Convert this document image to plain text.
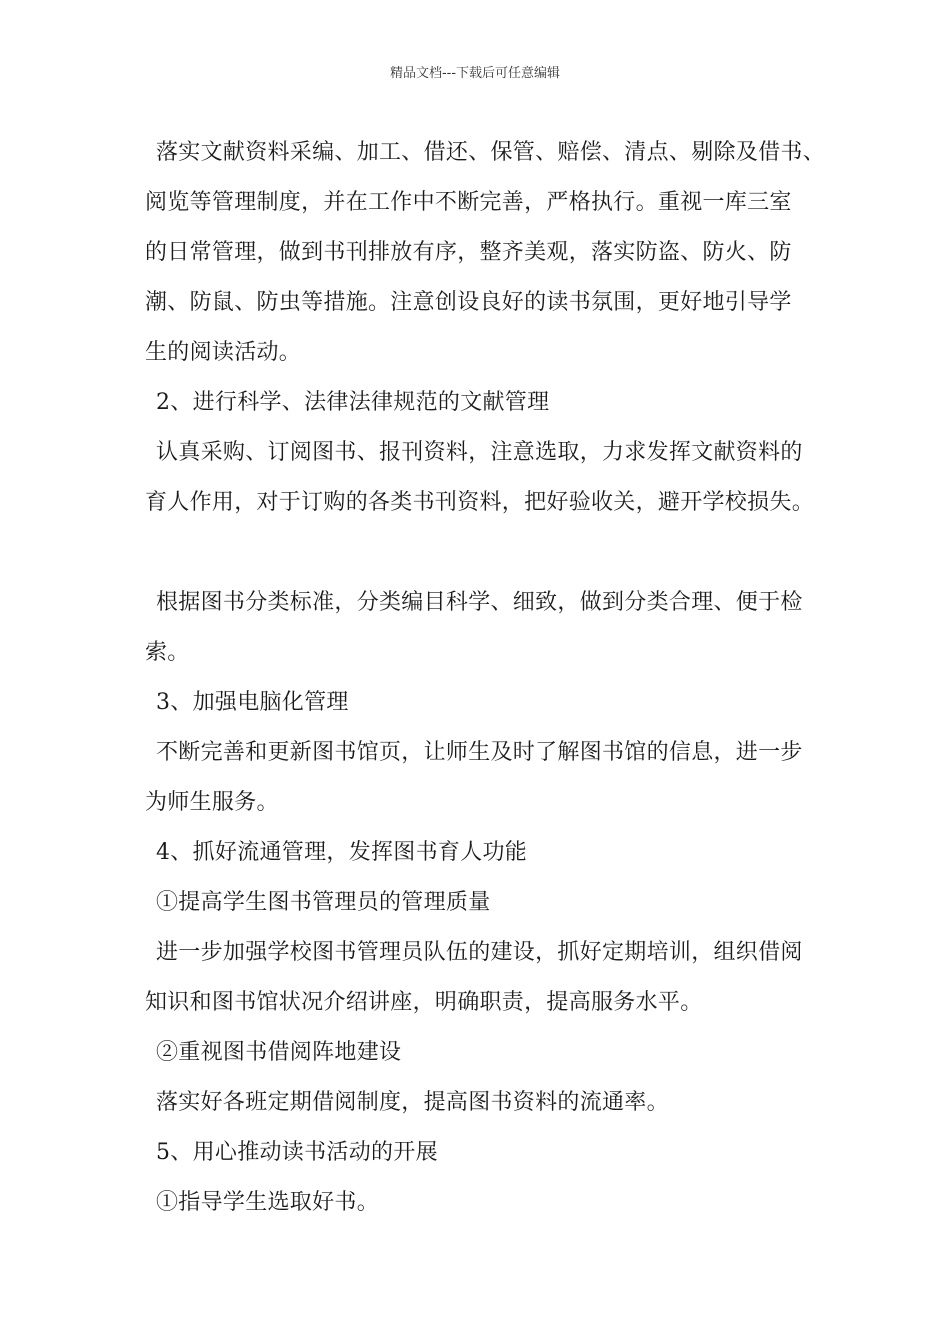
精品文档---下载后可任意编辑
落实文献资料采编、加工、借还、保管、赔偿、清点、剔除及借书、
阅览等管理制度，并在工作中不断完善，严格执行。重视一库三室
的日常管理，做到书刊排放有序，整齐美观，落实防盗、防火、防
潮、防鼠、防虫等措施。注意创设良好的读书氛围，更好地引导学
生的阅读活动。
2、进行科学、法律法律规范的文献管理
认真采购、订阅图书、报刊资料，注意选取，力求发挥文献资料的
育人作用，对于订购的各类书刊资料，把好验收关，避开学校损失。
根据图书分类标准，分类编目科学、细致，做到分类合理、便于检
索。
3、加强电脑化管理
不断完善和更新图书馆页，让师生及时了解图书馆的信息，进一步
为师生服务。
4、抓好流通管理，发挥图书育人功能
①提高学生图书管理员的管理质量
进一步加强学校图书管理员队伍的建设，抓好定期培训，组织借阅
知识和图书馆状况介绍讲座，明确职责，提高服务水平。
②重视图书借阅阵地建设
落实好各班定期借阅制度，提高图书资料的流通率。
5、用心推动读书活动的开展
①指导学生选取好书。
